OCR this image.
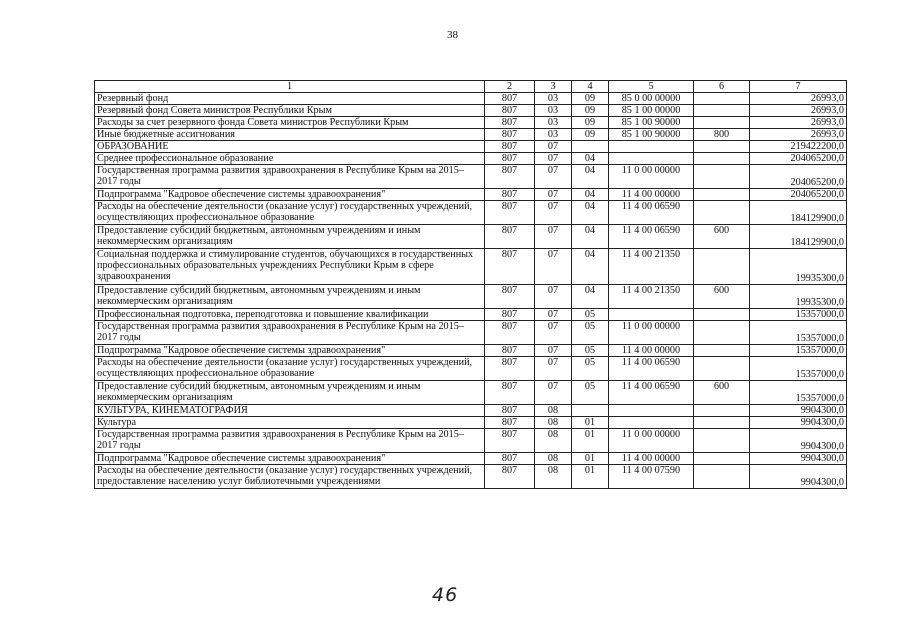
38
1	2	3	4	5	6	7
Резервный фонд	807	03	09	85 0 00 00000		26993,0
Резервный фонд Совета министров Республики Крым	807	03	09	85 1 00 00000		26993,0
Расходы за счет резервного фонда Совета министров Республики Крым	807	03	09	85 1 00 90000		26993,0
Иные бюджетные ассигнования	807	03	09	85 1 00 90000	800	26993,0
ОБРАЗОВАНИЕ	807	07				219422200,0
Среднее профессиональное образование	807	07	04			204065200,0
Государственная программа развития здравоохранения в Республике Крым на 2015–2017 годы	807	07	04	11 0 00 00000		204065200,0
Подпрограмма "Кадровое обеспечение системы здравоохранения"	807	07	04	11 4 00 00000		204065200,0
Расходы на обеспечение деятельности (оказание услуг) государственных учреждений, осуществляющих профессиональное образование	807	07	04	11 4 00 06590		184129900,0
Предоставление субсидий бюджетным, автономным учреждениям и иным некоммерческим организациям	807	07	04	11 4 00 06590	600	184129900,0
Социальная поддержка и стимулирование студентов, обучающихся в государственных профессиональных образовательных учреждениях Республики Крым в сфере здравоохранения	807	07	04	11 4 00 21350		19935300,0
Предоставление субсидий бюджетным, автономным учреждениям и иным некоммерческим организациям	807	07	04	11 4 00 21350	600	19935300,0
Профессиональная подготовка, переподготовка и повышение квалификации	807	07	05			15357000,0
Государственная программа развития здравоохранения в Республике Крым на 2015–2017 годы	807	07	05	11 0 00 00000		15357000,0
Подпрограмма "Кадровое обеспечение системы здравоохранения"	807	07	05	11 4 00 00000		15357000,0
Расходы на обеспечение деятельности (оказание услуг) государственных учреждений, осуществляющих профессиональное образование	807	07	05	11 4 00 06590		15357000,0
Предоставление субсидий бюджетным, автономным учреждениям и иным некоммерческим организациям	807	07	05	11 4 00 06590	600	15357000,0
КУЛЬТУРА, КИНЕМАТОГРАФИЯ	807	08				9904300,0
Культура	807	08	01			9904300,0
Государственная программа развития здравоохранения в Республике Крым на 2015–2017 годы	807	08	01	11 0 00 00000		9904300,0
Подпрограмма "Кадровое обеспечение системы здравоохранения"	807	08	01	11 4 00 00000		9904300,0
Расходы на обеспечение деятельности (оказание услуг) государственных учреждений, предоставление населению услуг библиотечными учреждениями	807	08	01	11 4 00 07590		9904300,0
46
